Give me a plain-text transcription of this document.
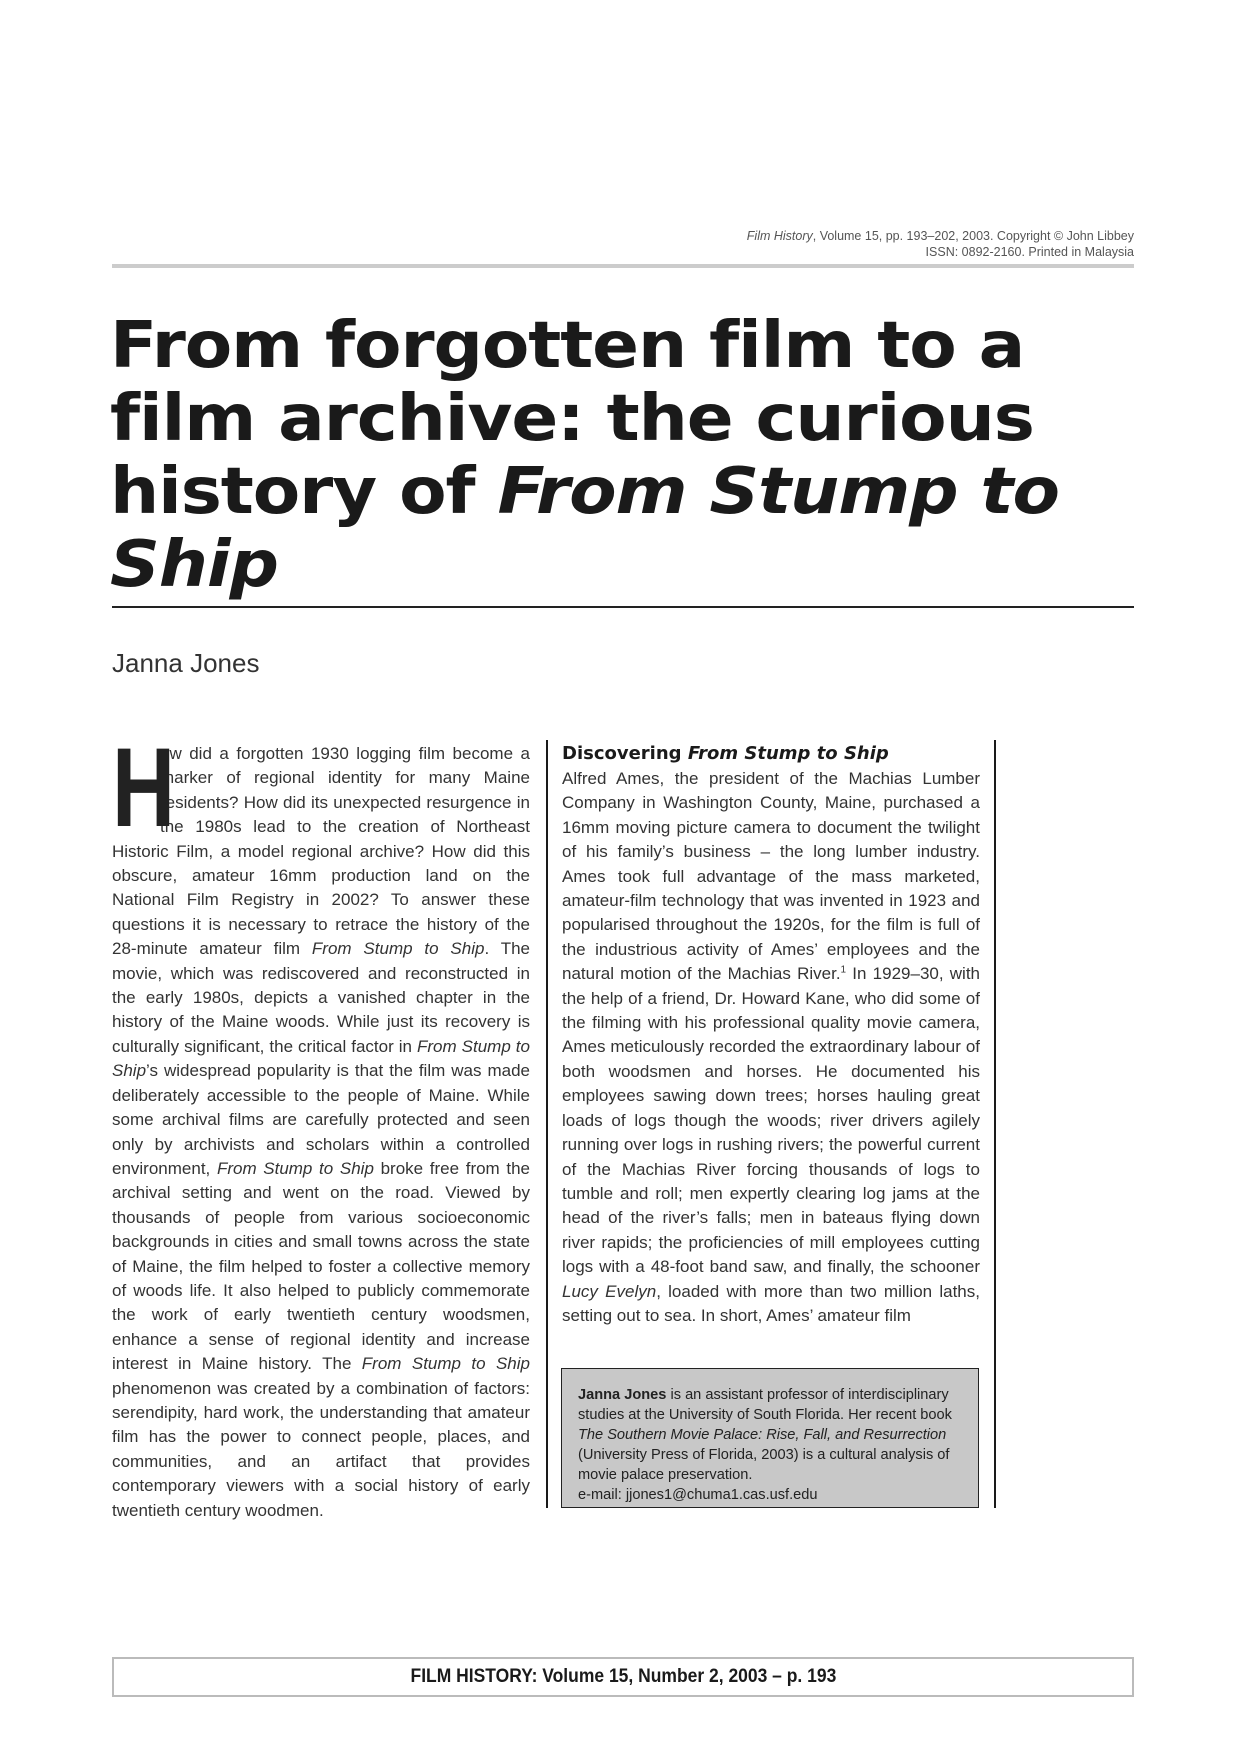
Film History, Volume 15, pp. 193–202, 2003. Copyright © John Libbey
ISSN: 0892-2160. Printed in Malaysia
From forgotten film to a film archive: the curious history of From Stump to Ship
Janna Jones
H
ow did a forgotten 1930 logging film become a marker of regional identity for many Maine residents? How did its unexpected resurgence in the 1980s lead to the creation of Northeast Historic Film, a model regional archive? How did this obscure, amateur 16mm production land on the National Film Registry in 2002? To answer these questions it is necessary to retrace the history of the 28-minute amateur film From Stump to Ship. The movie, which was rediscovered and reconstructed in the early 1980s, depicts a vanished chapter in the history of the Maine woods. While just its recovery is culturally significant, the critical factor in From Stump to Ship’s widespread popularity is that the film was made deliberately accessible to the people of Maine. While some archival films are carefully protected and seen only by archivists and scholars within a controlled environment, From Stump to Ship broke free from the archival setting and went on the road. Viewed by thousands of people from various socioeconomic backgrounds in cities and small towns across the state of Maine, the film helped to foster a collective memory of woods life. It also helped to publicly commemorate the work of early twentieth century woodsmen, enhance a sense of regional identity and increase interest in Maine history. The From Stump to Ship phenomenon was created by a combination of factors: serendipity, hard work, the understanding that amateur film has the power to connect people, places, and communities, and an artifact that provides contemporary viewers with a social history of early twentieth century woodmen.
Discovering From Stump to Ship
Alfred Ames, the president of the Machias Lumber Company in Washington County, Maine, purchased a 16mm moving picture camera to document the twilight of his family’s business – the long lumber industry. Ames took full advantage of the mass marketed, amateur-film technology that was invented in 1923 and popularised throughout the 1920s, for the film is full of the industrious activity of Ames’ employees and the natural motion of the Machias River.$^1$ In 1929–30, with the help of a friend, Dr. Howard Kane, who did some of the filming with his professional quality movie camera, Ames meticulously recorded the extraordinary labour of both woodsmen and horses. He documented his employees sawing down trees; horses hauling great loads of logs though the woods; river drivers agilely running over logs in rushing rivers; the powerful current of the Machias River forcing thousands of logs to tumble and roll; men expertly clearing log jams at the head of the river’s falls; men in bateaus flying down river rapids; the proficiencies of mill employees cutting logs with a 48-foot band saw, and finally, the schooner Lucy Evelyn, loaded with more than two million laths, setting out to sea. In short, Ames’ amateur film
Janna Jones is an assistant professor of interdisciplinary studies at the University of South Florida. Her recent book The Southern Movie Palace: Rise, Fall, and Resurrection (University Press of Florida, 2003) is a cultural analysis of movie palace preservation.
e-mail: jjones1@chuma1.cas.usf.edu
FILM HISTORY: Volume 15, Number 2, 2003 – p. 193
